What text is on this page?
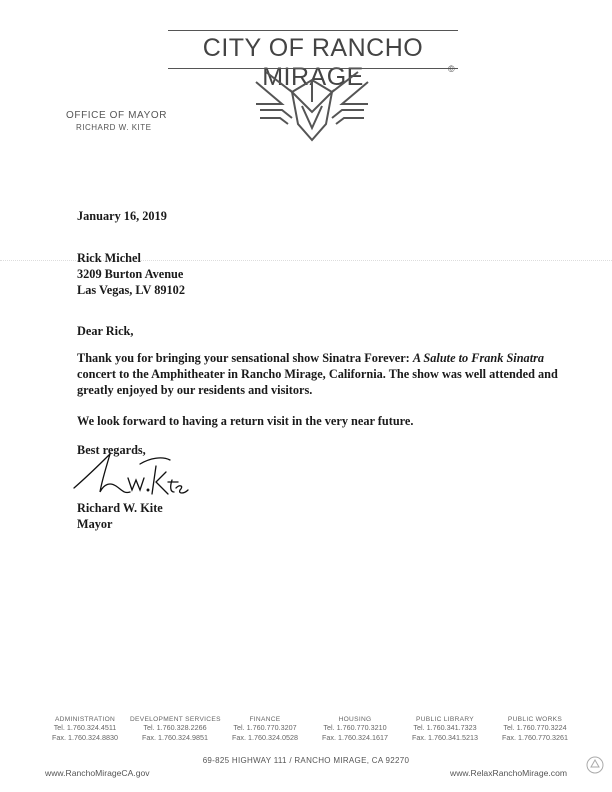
CITY OF RANCHO MIRAGE	©
OFFICE OF MAYOR
RICHARD W. KITE
January 16, 2019
Rick Michel
3209 Burton Avenue
Las Vegas, LV 89102
Dear Rick,
Thank you for bringing your sensational show Sinatra Forever: A Salute to Frank Sinatra concert to the Amphitheater in Rancho Mirage, California. The show was well attended and greatly enjoyed by our residents and visitors.
We look forward to having a return visit in the very near future.
Best regards,
Richard W. Kite
Mayor
ADMINISTRATION
Tel. 1.760.324.4511
Fax. 1.760.324.8830
DEVELOPMENT SERVICES
Tel. 1.760.328.2266
Fax. 1.760.324.9851
FINANCE
Tel. 1.760.770.3207
Fax. 1.760.324.0528
HOUSING
Tel. 1.760.770.3210
Fax. 1.760.324.1617
PUBLIC LIBRARY
Tel. 1.760.341.7323
Fax. 1.760.341.5213
PUBLIC WORKS
Tel. 1.760.770.3224
Fax. 1.760.770.3261
69-825 HIGHWAY 111 / RANCHO MIRAGE, CA 92270
www.RanchoMirageCA.gov	www.RelaxRanchoMirage.com
